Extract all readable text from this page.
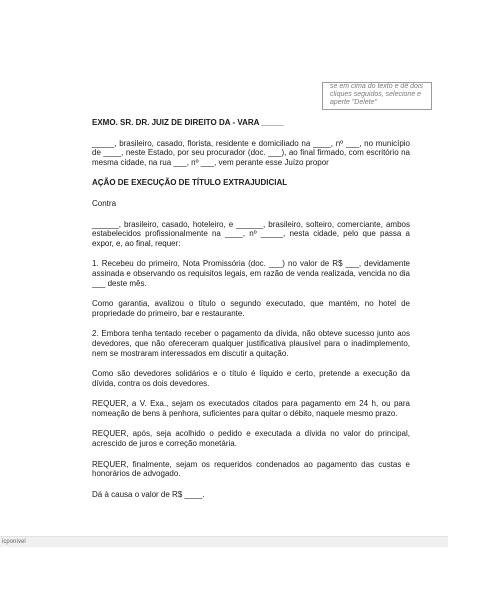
se em cima do texto e dê dois
cliques seguidos, selecione e
aperte "Delete"

EXMO. SR. DR. JUIZ DE DIREITO DA - VARA _____

_____, brasileiro, casado, florista, residente e domiciliado na ____, nº ___, no município de ____, neste Estado, por seu procurador (doc. ___), ao final firmado, com escritório na mesma cidade, na rua ___, nº ___, vem perante esse Juízo propor

AÇÃO DE EXECUÇÃO DE TÍTULO EXTRAJUDICIAL

Contra

______, brasileiro, casado, hoteleiro, e ______, brasileiro, solteiro, comerciante, ambos estabelecidos profissionalmente na ____, nº _____, nesta cidade, pelo que passa a expor, e, ao final, requer:

1. Recebeu do primeiro, Nota Promissória (doc. ___) no valor de R$ ___, devidamente assinada e observando os requisitos legais, em razão de venda realizada, vencida no dia ___ deste mês.

Como garantia, avalizou o título o segundo executado, que mantém, no hotel de propriedade do primeiro, bar e restaurante.

2. Embora tenha tentado receber o pagamento da dívida, não obteve sucesso junto aos devedores, que não ofereceram qualquer justificativa plausível para o inadimplemento, nem se mostraram interessados em discutir a quitação.

Como são devedores solidários e o título é líquido e certo, pretende a execução da dívida, contra os dois devedores.

REQUER, a V. Exa., sejam os executados citados para pagamento em 24 h, ou para nomeação de bens à penhora, suficientes para quitar o débito, naquele mesmo prazo.

REQUER, após, seja acolhido o pedido e executada a dívida no valor do principal, acrescido de juros e correção monetária.

REQUER, finalmente, sejam os requeridos condenados ao pagamento das custas e honorários de advogado.

Dá à causa o valor de R$ ____.

icponível
